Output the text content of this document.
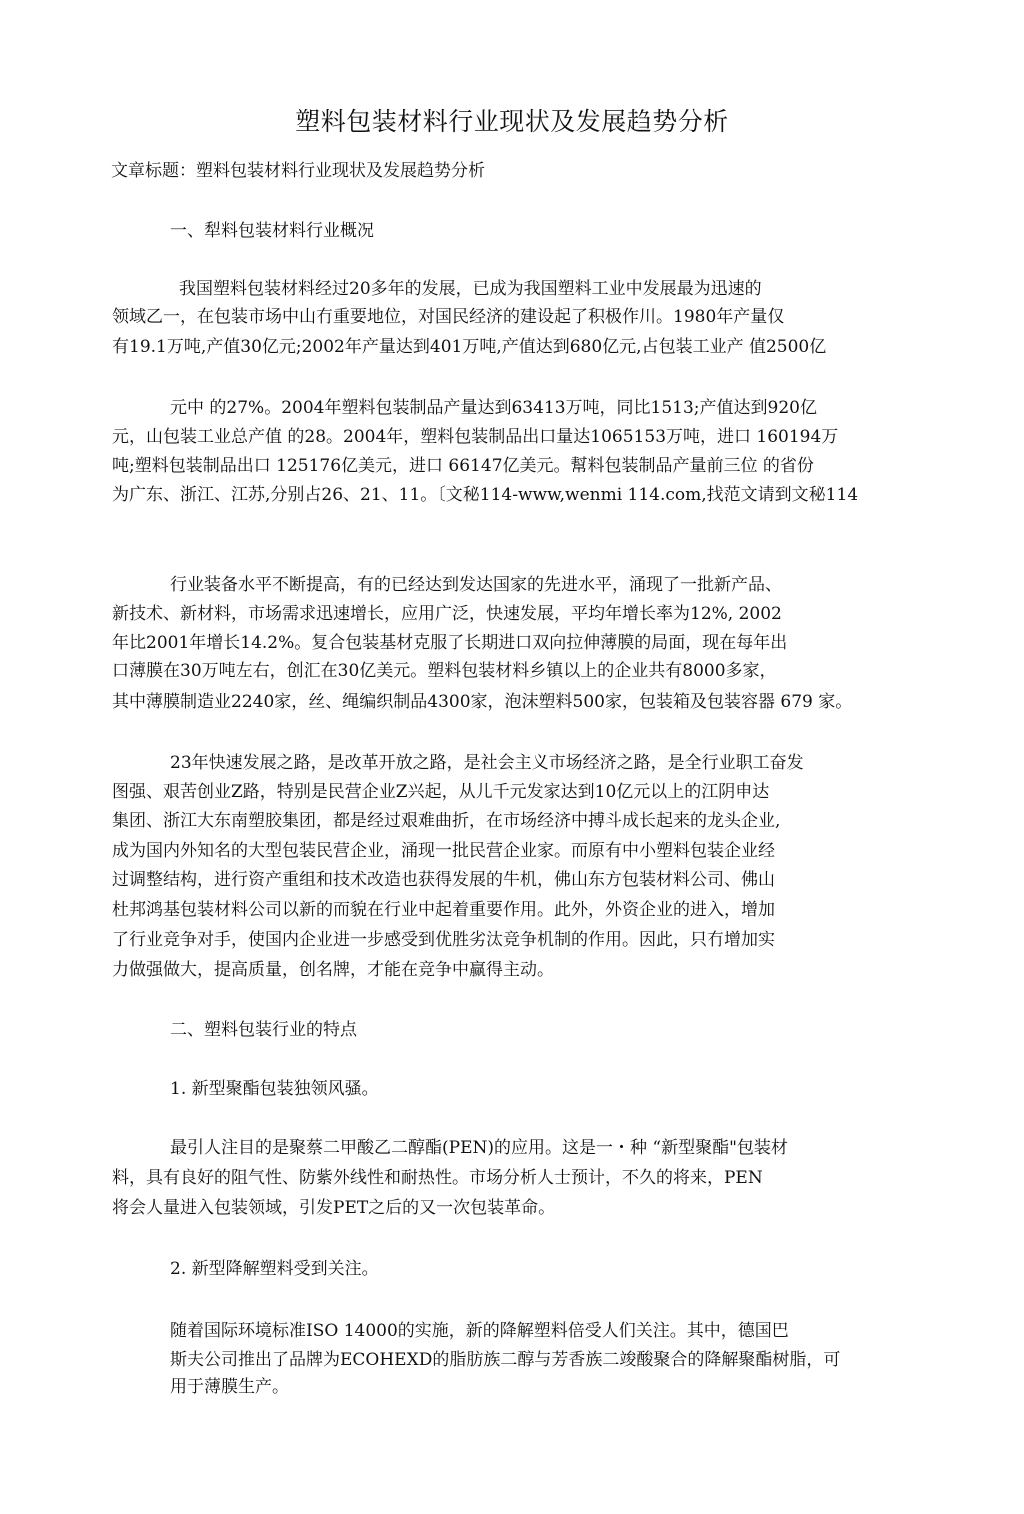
塑料包装材料行业现状及发展趋势分析
文章标题：塑料包装材料行业现状及发展趋势分析
一、犁料包装材料行业概况
我国塑料包装材料经过20多年的发展，已成为我国塑料工业中发展最为迅速的
领域乙一，在包装市场中山冇重要地位，对国民经济的建设起了积极作川。1980年产量仅
有19.1万吨,产值30亿元;2002年产量达到401万吨,产值达到680亿元,占包装工业产 值2500亿
元中 的27%。2004年塑料包装制品产量达到63413万吨，同比1513;产值达到920亿
元，山包装工业总产值 的28。2004年，塑料包装制品出口量达1065153万吨，进口 160194万
吨;塑料包装制品出口 125176亿美元，进口 66147亿美元。幫料包装制品产量前三位 的省份
为广东、浙江、江苏,分别占26、21、11。〔文秘114-www,wenmi 114.com,找范文请到文秘114
行业装备水平不断提高，有的已经达到发达国家的先进水平，涌现了一批新产品、
新技术、新材料，市场需求迅速增长，应用广泛，快速发展，平均年增长率为12%, 2002
年比2001年增长14.2%。复合包装基材克服了长期进口双向拉伸薄膜的局面，现在每年出
口薄膜在30万吨左右，创汇在30亿美元。塑料包装材料乡镇以上的企业共有8000多家，
其中薄膜制造业2240家，丝、绳编织制品4300家，泡沫塑料500家，包装箱及包装容器 679 家。
23年快速发展之路，是改革开放之路，是社会主义市场经济之路，是全行业职工奋发
图强、艰苦创业Z路，特别是民营企业Z兴起，从儿千元发家达到10亿元以上的江阴申达
集团、浙江大东南塑胶集团，都是经过艰难曲折，在市场经济中搏斗成长起来的龙头企业,
成为国内外知名的大型包装民营企业，涌现一批民营企业家。而原有中小塑料包装企业经
过调整结构，进行资产重组和技术改造也获得发展的牛机，佛山东方包装材料公司、佛山
杜邦鸿基包装材料公司以新的而貌在行业中起着重要作用。此外，外资企业的进入，增加
了行业竞争对手，使国内企业进一步感受到优胜劣汰竞争机制的作用。因此，只冇增加实
力做强做大，提高质量，创名牌，才能在竞争中赢得主动。
二、塑料包装行业的特点
1. 新型聚酯包装独领风骚。
最引人注目的是聚蔡二甲酸乙二醇酯(PEN)的应用。这是一・种 “新型聚酯"包装材
料，具有良好的阻气性、防紫外线性和耐热性。市场分析人士预计，不久的将来，PEN
将会人量进入包装领域，引发PET之后的又一次包装革命。
2. 新型降解塑料受到关注。
随着国际环境标准ISO 14000的实施，新的降解塑料倍受人们关注。其中，德国巴
斯夫公司推出了品牌为ECOHEXD的脂肪族二醇与芳香族二竣酸聚合的降解聚酯树脂，可
用于薄膜生产。
